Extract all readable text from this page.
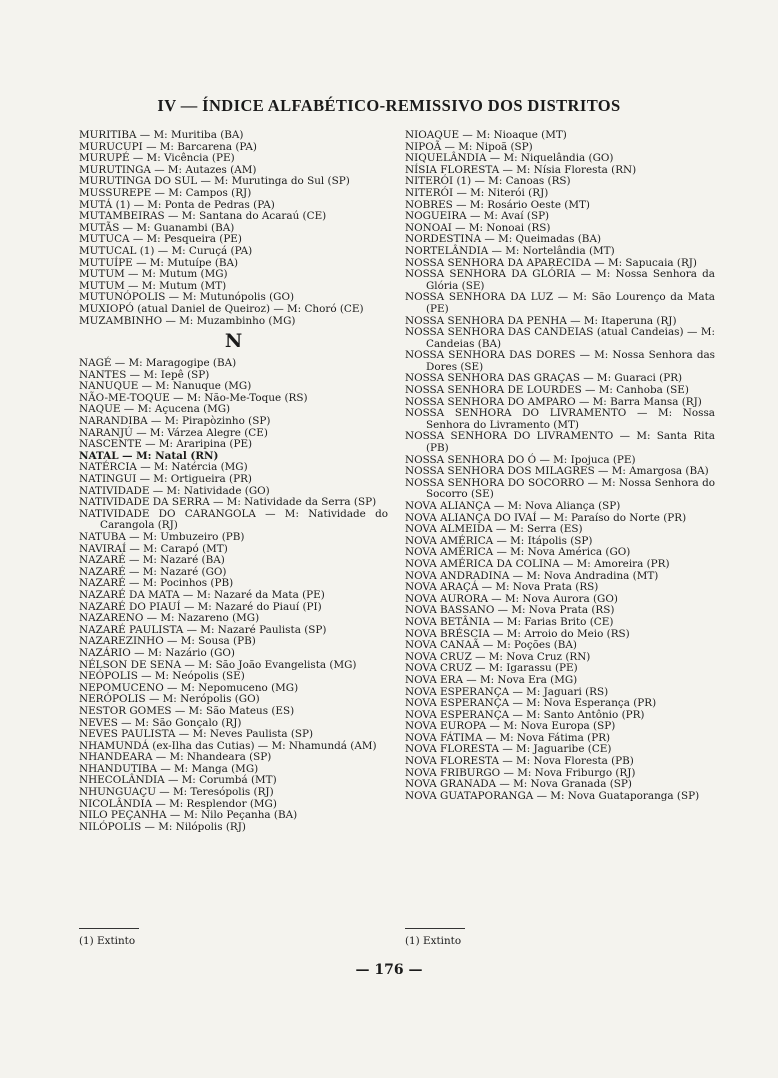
IV — ÍNDICE ALFABÉTICO-REMISSIVO DOS DISTRITOS
MURITIBA — M: Muritiba (BA)
MURUCUPI — M: Barcarena (PA)
MURUPÉ — M: Vicência (PE)
MURUTINGA — M: Autazes (AM)
MURUTINGA DO SUL — M: Murutinga do Sul (SP)
MUSSUREPE — M: Campos (RJ)
MUTÁ (1) — M: Ponta de Pedras (PA)
MUTAMBEIRAS — M: Santana do Acaraú (CE)
MUTÃS — M: Guanambi (BA)
MUTUCA — M: Pesqueira (PE)
MUTUCAL (1) — M: Curuçá (PA)
MUTUÍPE — M: Mutuípe (BA)
MUTUM — M: Mutum (MG)
MUTUM — M: Mutum (MT)
MUTUNÓPOLIS — M: Mutunópolis (GO)
MUXIOPÓ (atual Daniel de Queiroz) — M: Choró (CE)
MUZAMBINHO — M: Muzambinho (MG)
N
NAGÉ — M: Maragogipe (BA)
NANTES — M: Iepê (SP)
NANUQUE — M: Nanuque (MG)
NÃO-ME-TOQUE — M: Não-Me-Toque (RS)
NAQUE — M: Açucena (MG)
NARANDIBA — M: Pirapòzinho (SP)
NARANJÚ — M: Várzea Alegre (CE)
NASCENTE — M: Araripina (PE)
NATAL — M: Natal (RN)
NATÉRCIA — M: Natércia (MG)
NATINGUI — M: Ortigueira (PR)
NATIVIDADE — M: Natividade (GO)
NATIVIDADE DA SERRA — M: Natividade da Serra (SP)
NATIVIDADE DO CARANGOLA — M: Natividade do Carangola (RJ)
NATUBA — M: Umbuzeiro (PB)
NAVIRAÍ — M: Carapó (MT)
NAZARÉ — M: Nazaré (BA)
NAZARÉ — M: Nazaré (GO)
NAZARÉ — M: Pocinhos (PB)
NAZARÉ DA MATA — M: Nazaré da Mata (PE)
NAZARÉ DO PIAUÍ — M: Nazaré do Piauí (PI)
NAZARENO — M: Nazareno (MG)
NAZARÉ PAULISTA — M: Nazaré Paulista (SP)
NAZAREZINHO — M: Sousa (PB)
NAZÁRIO — M: Nazário (GO)
NÉLSON DE SENA — M: São João Evangelista (MG)
NEÓPOLIS — M: Neópolis (SE)
NEPOMUCENO — M: Nepomuceno (MG)
NERÓPOLIS — M: Nerópolis (GO)
NESTOR GOMES — M: São Mateus (ES)
NEVES — M: São Gonçalo (RJ)
NEVES PAULISTA — M: Neves Paulista (SP)
NHAMUNDÁ (ex-Ilha das Cutias) — M: Nhamundá (AM)
NHANDEARA — M: Nhandeara (SP)
NHANDUTIBA — M: Manga (MG)
NHECOLÂNDIA — M: Corumbá (MT)
NHUNGUAÇU — M: Teresópolis (RJ)
NICOLÂNDIA — M: Resplendor (MG)
NILO PEÇANHA — M: Nilo Peçanha (BA)
NILÓPOLIS — M: Nilópolis (RJ)
NIOAQUE — M: Nioaque (MT)
NIPOÃ — M: Nipoã (SP)
NIQUELÂNDIA — M: Niquelândia (GO)
NÍSIA FLORESTA — M: Nísia Floresta (RN)
NITERÓI (1) — M: Canoas (RS)
NITERÓI — M: Niterói (RJ)
NOBRES — M: Rosário Oeste (MT)
NOGUEIRA — M: Avaí (SP)
NONOAI — M: Nonoai (RS)
NORDESTINA — M: Queimadas (BA)
NORTELÂNDIA — M: Nortelândia (MT)
NOSSA SENHORA DA APARECIDA — M: Sapucaia (RJ)
NOSSA SENHORA DA GLÓRIA — M: Nossa Senhora da Glória (SE)
NOSSA SENHORA DA LUZ — M: São Lourenço da Mata (PE)
NOSSA SENHORA DA PENHA — M: Itaperuna (RJ)
NOSSA SENHORA DAS CANDEIAS (atual Candeias) — M: Candeias (BA)
NOSSA SENHORA DAS DORES — M: Nossa Senhora das Dores (SE)
NOSSA SENHORA DAS GRAÇAS — M: Guaraci (PR)
NOSSA SENHORA DE LOURDES — M: Canhoba (SE)
NOSSA SENHORA DO AMPARO — M: Barra Mansa (RJ)
NOSSA SENHORA DO LIVRAMENTO — M: Nossa Senhora do Livramento (MT)
NOSSA SENHORA DO LIVRAMENTO — M: Santa Rita (PB)
NOSSA SENHORA DO Ó — M: Ipojuca (PE)
NOSSA SENHORA DOS MILAGRES — M: Amargosa (BA)
NOSSA SENHORA DO SOCORRO — M: Nossa Senhora do Socorro (SE)
NOVA ALIANÇA — M: Nova Aliança (SP)
NOVA ALIANÇA DO IVAÍ — M: Paraíso do Norte (PR)
NOVA ALMEIDA — M: Serra (ES)
NOVA AMÉRICA — M: Itápolis (SP)
NOVA AMÉRICA — M: Nova América (GO)
NOVA AMÉRICA DA COLINA — M: Amoreira (PR)
NOVA ANDRADINA — M: Nova Andradina (MT)
NOVA ARAÇÁ — M: Nova Prata (RS)
NOVA AURORA — M: Nova Aurora (GO)
NOVA BASSANO — M: Nova Prata (RS)
NOVA BETÂNIA — M: Farias Brito (CE)
NOVA BRÉSCIA — M: Arroio do Meio (RS)
NOVA CANAÃ — M: Poções (BA)
NOVA CRUZ — M: Nova Cruz (RN)
NOVA CRUZ — M: Igarassu (PE)
NOVA ERA — M: Nova Era (MG)
NOVA ESPERANÇA — M: Jaguari (RS)
NOVA ESPERANÇA — M: Nova Esperança (PR)
NOVA ESPERANÇA — M: Santo Antônio (PR)
NOVA EUROPA — M: Nova Europa (SP)
NOVA FÁTIMA — M: Nova Fátima (PR)
NOVA FLORESTA — M: Jaguaribe (CE)
NOVA FLORESTA — M: Nova Floresta (PB)
NOVA FRIBURGO — M: Nova Friburgo (RJ)
NOVA GRANADA — M: Nova Granada (SP)
NOVA GUATAPORANGA — M: Nova Guataporanga (SP)
(1) Extinto	(1) Extinto
— 176 —
